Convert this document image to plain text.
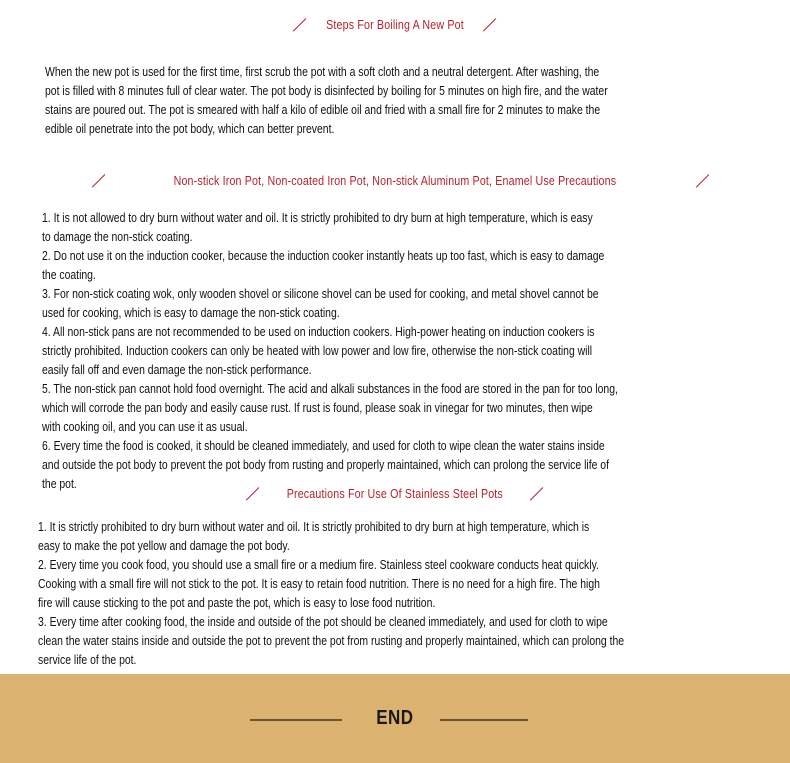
Steps For Boiling A New Pot
When the new pot is used for the first time, first scrub the pot with a soft cloth and a neutral detergent. After washing, the
pot is filled with 8 minutes full of clear water. The pot body is disinfected by boiling for 5 minutes on high fire, and the water
stains are poured out. The pot is smeared with half a kilo of edible oil and fried with a small fire for 2 minutes to make the
edible oil penetrate into the pot body, which can better prevent.
Non-stick Iron Pot, Non-coated Iron Pot, Non-stick Aluminum Pot, Enamel Use Precautions
1. It is not allowed to dry burn without water and oil. It is strictly prohibited to dry burn at high temperature, which is easy
to damage the non-stick coating.
2. Do not use it on the induction cooker, because the induction cooker instantly heats up too fast, which is easy to damage
the coating.
3. For non-stick coating wok, only wooden shovel or silicone shovel can be used for cooking, and metal shovel cannot be
used for cooking, which is easy to damage the non-stick coating.
4. All non-stick pans are not recommended to be used on induction cookers. High-power heating on induction cookers is
strictly prohibited. Induction cookers can only be heated with low power and low fire, otherwise the non-stick coating will
easily fall off and even damage the non-stick performance.
5. The non-stick pan cannot hold food overnight. The acid and alkali substances in the food are stored in the pan for too long,
which will corrode the pan body and easily cause rust. If rust is found, please soak in vinegar for two minutes, then wipe
with cooking oil, and you can use it as usual.
6. Every time the food is cooked, it should be cleaned immediately, and used for cloth to wipe clean the water stains inside
and outside the pot body to prevent the pot body from rusting and properly maintained, which can prolong the service life of
the pot.
Precautions For Use Of Stainless Steel Pots
1. It is strictly prohibited to dry burn without water and oil. It is strictly prohibited to dry burn at high temperature, which is
easy to make the pot yellow and damage the pot body.
2. Every time you cook food, you should use a small fire or a medium fire. Stainless steel cookware conducts heat quickly.
Cooking with a small fire will not stick to the pot. It is easy to retain food nutrition. There is no need for a high fire. The high
fire will cause sticking to the pot and paste the pot, which is easy to lose food nutrition.
3. Every time after cooking food, the inside and outside of the pot should be cleaned immediately, and used for cloth to wipe
clean the water stains inside and outside the pot to prevent the pot from rusting and properly maintained, which can prolong the
service life of the pot.
END
